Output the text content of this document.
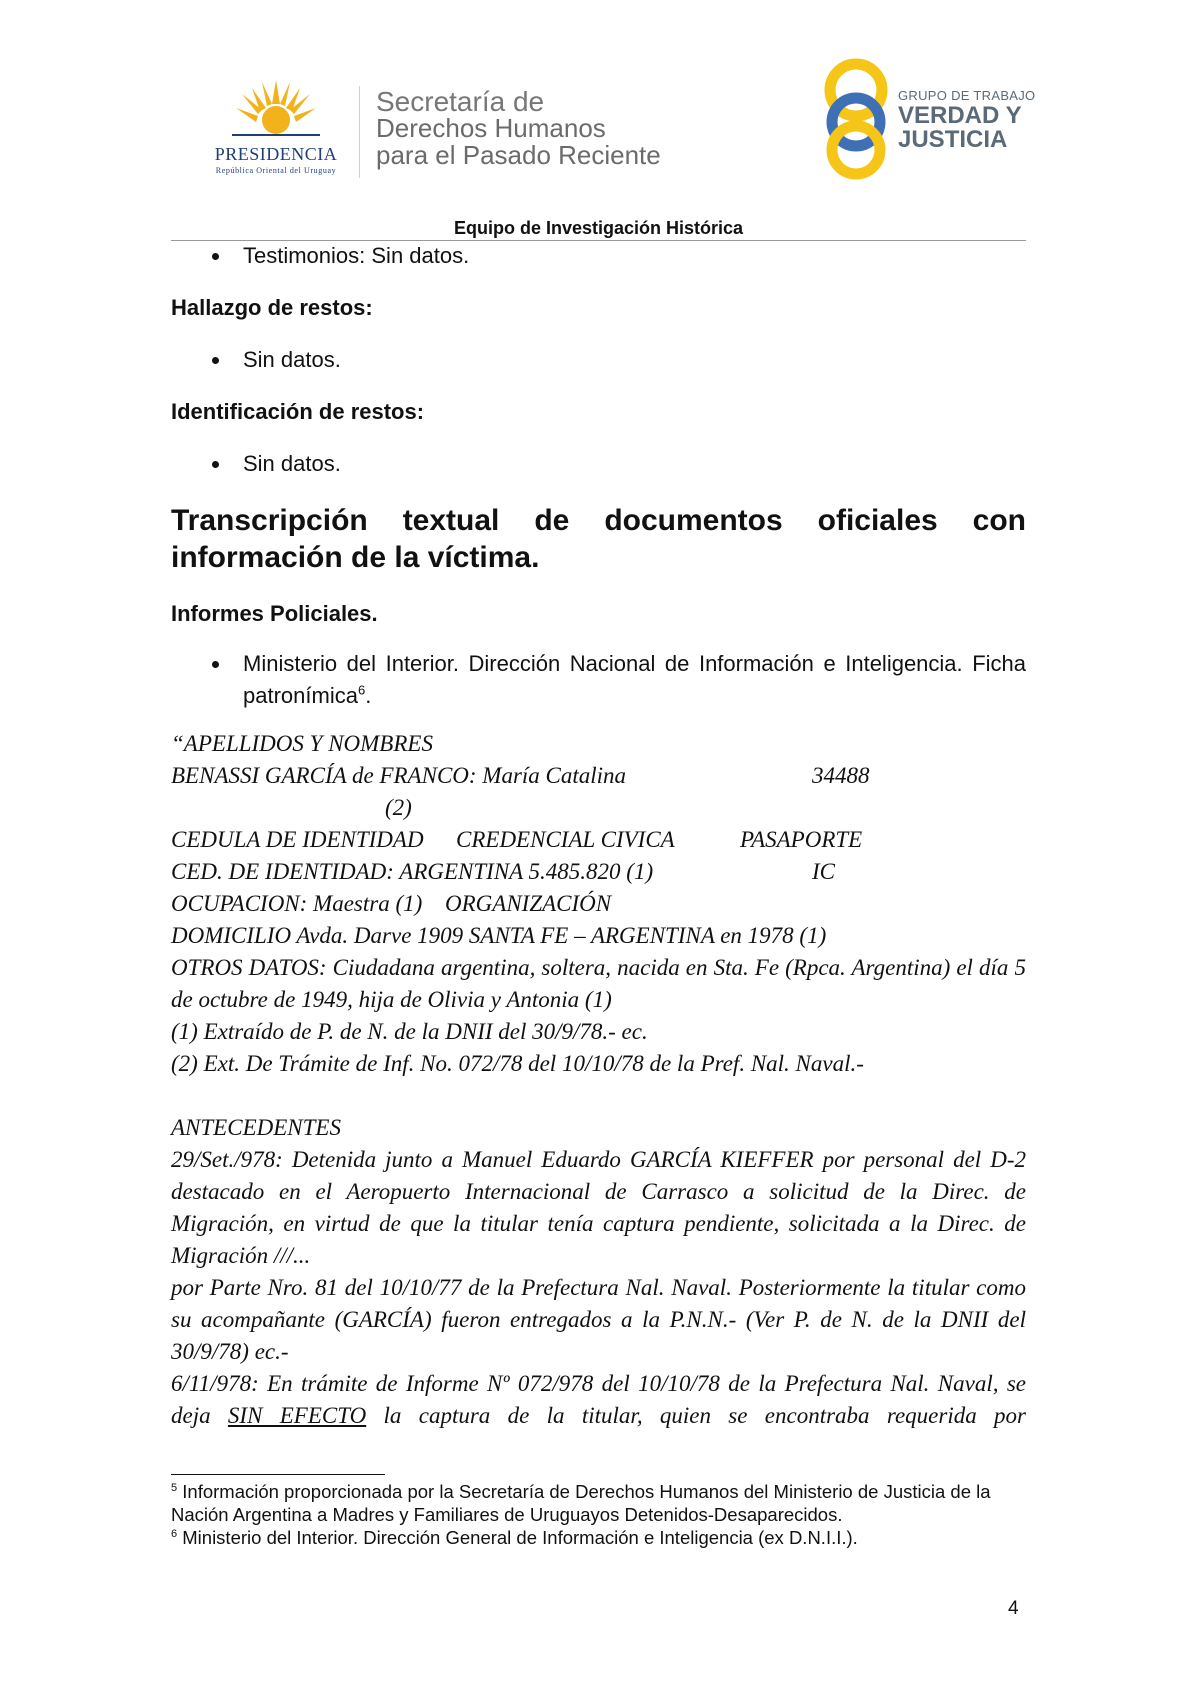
PRESIDENCIA
República Oriental del Uruguay
Secretaría de
Derechos Humanos
para el Pasado Reciente
GRUPO DE TRABAJO
VERDAD Y
JUSTICIA
Equipo de Investigación Histórica
Testimonios: Sin datos.
Hallazgo de restos:
Sin datos.
Identificación de restos:
Sin datos.
Transcripción textual de documentos oficiales con información de la víctima.
Informes Policiales.
Ministerio del Interior. Dirección Nacional de Información e Inteligencia. Ficha patronímica$^6$.
“APELLIDOS Y NOMBRES
BENASSI GARCÍA de FRANCO: María Catalina	34488
(2)
CEDULA DE IDENTIDAD CREDENCIAL CIVICA	PASAPORTE
CED. DE IDENTIDAD: ARGENTINA 5.485.820 (1)	IC
OCUPACION: Maestra (1) ORGANIZACIÓN
DOMICILIO Avda. Darve 1909 SANTA FE – ARGENTINA en 1978 (1)
OTROS DATOS: Ciudadana argentina, soltera, nacida en Sta. Fe (Rpca. Argentina) el día 5 de octubre de 1949, hija de Olivia y Antonia (1)
(1) Extraído de P. de N. de la DNII del 30/9/78.- ec.
(2) Ext. De Trámite de Inf. No. 072/78 del 10/10/78 de la Pref. Nal. Naval.-
ANTECEDENTES
29/Set./978: Detenida junto a Manuel Eduardo GARCÍA KIEFFER por personal del D-2 destacado en el Aeropuerto Internacional de Carrasco a solicitud de la Direc. de Migración, en virtud de que la titular tenía captura pendiente, solicitada a la Direc. de Migración ///...
por Parte Nro. 81 del 10/10/77 de la Prefectura Nal. Naval. Posteriormente la titular como su acompañante (GARCÍA) fueron entregados a la P.N.N.- (Ver P. de N. de la DNII del 30/9/78) ec.-
6/11/978: En trámite de Informe Nº 072/978 del 10/10/78 de la Prefectura Nal. Naval, se deja SIN EFECTO la captura de la titular, quien se encontraba requerida por
$^5$ Información proporcionada por la Secretaría de Derechos Humanos del Ministerio de Justicia de la Nación Argentina a Madres y Familiares de Uruguayos Detenidos-Desaparecidos.
$^6$ Ministerio del Interior. Dirección General de Información e Inteligencia (ex D.N.I.I.).
4
